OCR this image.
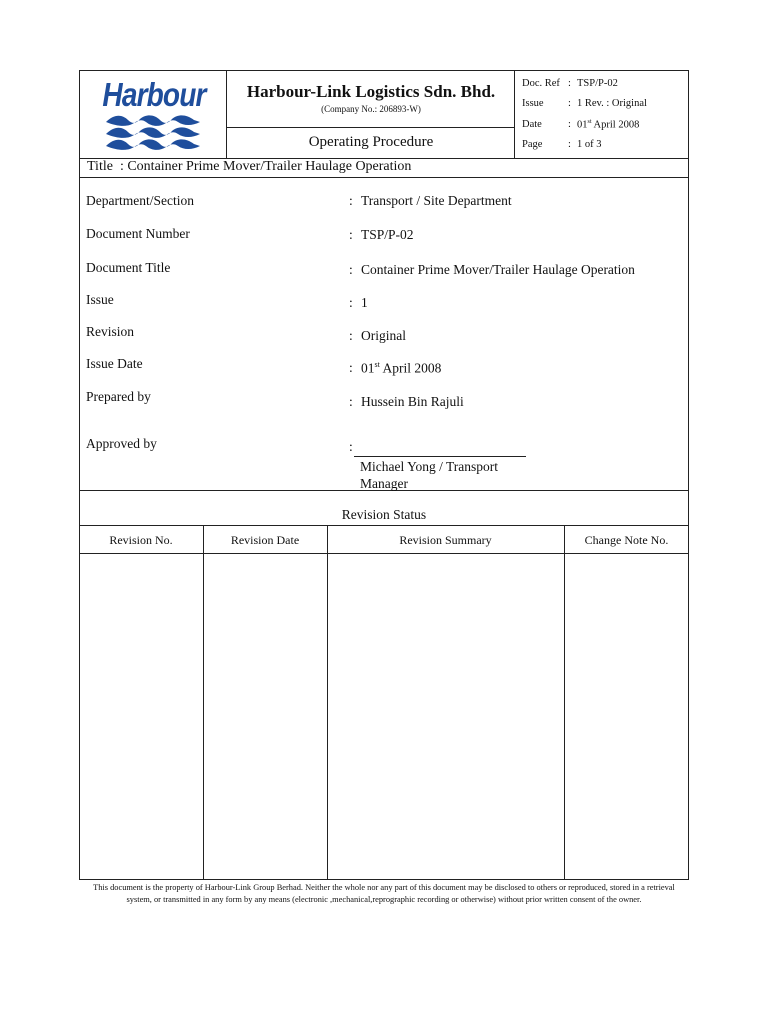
Harbour	Harbour-Link Logistics Sdn. Bhd.
(Company No.: 206893-W)
Operating Procedure
Doc. Ref : TSP/P-02
Issue : 1 Rev. : Original
Date : 01st April 2008
Page : 1 of 3
Title  : Container Prime Mover/Trailer Haulage Operation
Department/Section	: Transport / Site Department
Document Number	: TSP/P-02
Document Title	: Container Prime Mover/Trailer Haulage Operation
Issue	: 1
Revision	: Original
Issue Date	: 01st April 2008
Prepared by	: Hussein Bin Rajuli
Approved by	:
Michael Yong / Transport Manager
Revision Status
Revision No.	Revision Date	Revision Summary	Change Note No.
This document is the property of Harbour-Link Group Berhad. Neither the whole nor any part of this document may be disclosed to others or reproduced, stored in a retrieval system, or transmitted in any form by any means (electronic ,mechanical,reprographic recording or otherwise) without prior written consent of the owner.
